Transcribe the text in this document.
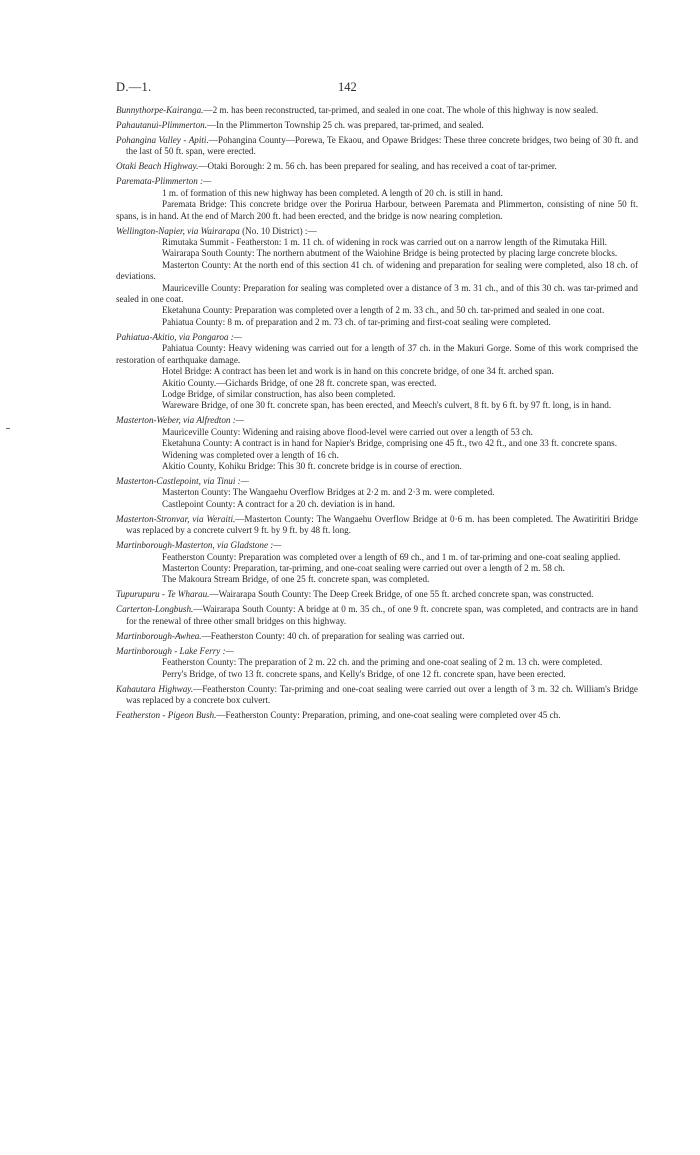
D.—1.	142

Bunnythorpe-Kairanga.—2 m. has been reconstructed, tar-primed, and sealed in one coat. The whole of this highway is now sealed.

Pahautanui-Plimmerton.—In the Plimmerton Township 25 ch. was prepared, tar-primed, and sealed.

Pohangina Valley - Apiti.—Pohangina County—Porewa, Te Ekaou, and Opawe Bridges: These three concrete bridges, two being of 30 ft. and the last of 50 ft. span, were erected.

Otaki Beach Highway.—Otaki Borough: 2 m. 56 ch. has been prepared for sealing, and has received a coat of tar-primer.

Paremata-Plimmerton :—

1 m. of formation of this new highway has been completed. A length of 20 ch. is still in hand.

Paremata Bridge: This concrete bridge over the Porirua Harbour, between Paremata and Plimmerton, consisting of nine 50 ft. spans, is in hand. At the end of March 200 ft. had been erected, and the bridge is now nearing completion.

Wellington-Napier, via Wairarapa (No. 10 District) :—

Rimutaka Summit - Featherston: 1 m. 11 ch. of widening in rock was carried out on a narrow length of the Rimutaka Hill.

Wairarapa South County: The northern abutment of the Waiohine Bridge is being protected by placing large concrete blocks.

Masterton County: At the north end of this section 41 ch. of widening and preparation for sealing were completed, also 18 ch. of deviations.

Mauriceville County: Preparation for sealing was completed over a distance of 3 m. 31 ch., and of this 30 ch. was tar-primed and sealed in one coat.

Eketahuna County: Preparation was completed over a length of 2 m. 33 ch., and 50 ch. tar-primed and sealed in one coat.

Pahiatua County: 8 m. of preparation and 2 m. 73 ch. of tar-priming and first-coat sealing were completed.

Pahiatua-Akitio, via Pongaroa :—

Pahiatua County: Heavy widening was carried out for a length of 37 ch. in the Makuri Gorge. Some of this work comprised the restoration of earthquake damage.

Hotel Bridge: A contract has been let and work is in hand on this concrete bridge, of one 34 ft. arched span.

Akitio County.—Gichards Bridge, of one 28 ft. concrete span, was erected.

Lodge Bridge, of similar construction, has also been completed.

Wareware Bridge, of one 30 ft. concrete span, has been erected, and Meech's culvert, 8 ft. by 6 ft. by 97 ft. long, is in hand.

Masterton-Weber, via Alfredton :—

Mauriceville County: Widening and raising above flood-level were carried out over a length of 53 ch.

Eketahuna County: A contract is in hand for Napier's Bridge, comprising one 45 ft., two 42 ft., and one 33 ft. concrete spans.

Widening was completed over a length of 16 ch.

Akitio County, Kohiku Bridge: This 30 ft. concrete bridge is in course of erection.

Masterton-Castlepoint, via Tinui :—

Masterton County: The Wangaehu Overflow Bridges at 2·2 m. and 2·3 m. were completed.

Castlepoint County: A contract for a 20 ch. deviation is in hand.

Masterton-Stronvar, via Weraiti.—Masterton County: The Wangaehu Overflow Bridge at 0·6 m. has been completed. The Awatiritiri Bridge was replaced by a concrete culvert 9 ft. by 9 ft. by 48 ft. long.

Martinborough-Masterton, via Gladstone :—

Featherston County: Preparation was completed over a length of 69 ch., and 1 m. of tar-priming and one-coat sealing applied.

Masterton County: Preparation, tar-priming, and one-coat sealing were carried out over a length of 2 m. 58 ch.

The Makoura Stream Bridge, of one 25 ft. concrete span, was completed.

Tupurupuru - Te Wharau.—Wairarapa South County: The Deep Creek Bridge, of one 55 ft. arched concrete span, was constructed.

Carterton-Longbush.—Wairarapa South County: A bridge at 0 m. 35 ch., of one 9 ft. concrete span, was completed, and contracts are in hand for the renewal of three other small bridges on this highway.

Martinborough-Awhea.—Featherston County: 40 ch. of preparation for sealing was carried out.

Martinborough - Lake Ferry :—

Featherston County: The preparation of 2 m. 22 ch. and the priming and one-coat sealing of 2 m. 13 ch. were completed.

Perry's Bridge, of two 13 ft. concrete spans, and Kelly's Bridge, of one 12 ft. concrete span, have been erected.

Kahautara Highway.—Featherston County: Tar-priming and one-coat sealing were carried out over a length of 3 m. 32 ch. William's Bridge was replaced by a concrete box culvert.

Featherston - Pigeon Bush.—Featherston County: Preparation, priming, and one-coat sealing were completed over 45 ch.
